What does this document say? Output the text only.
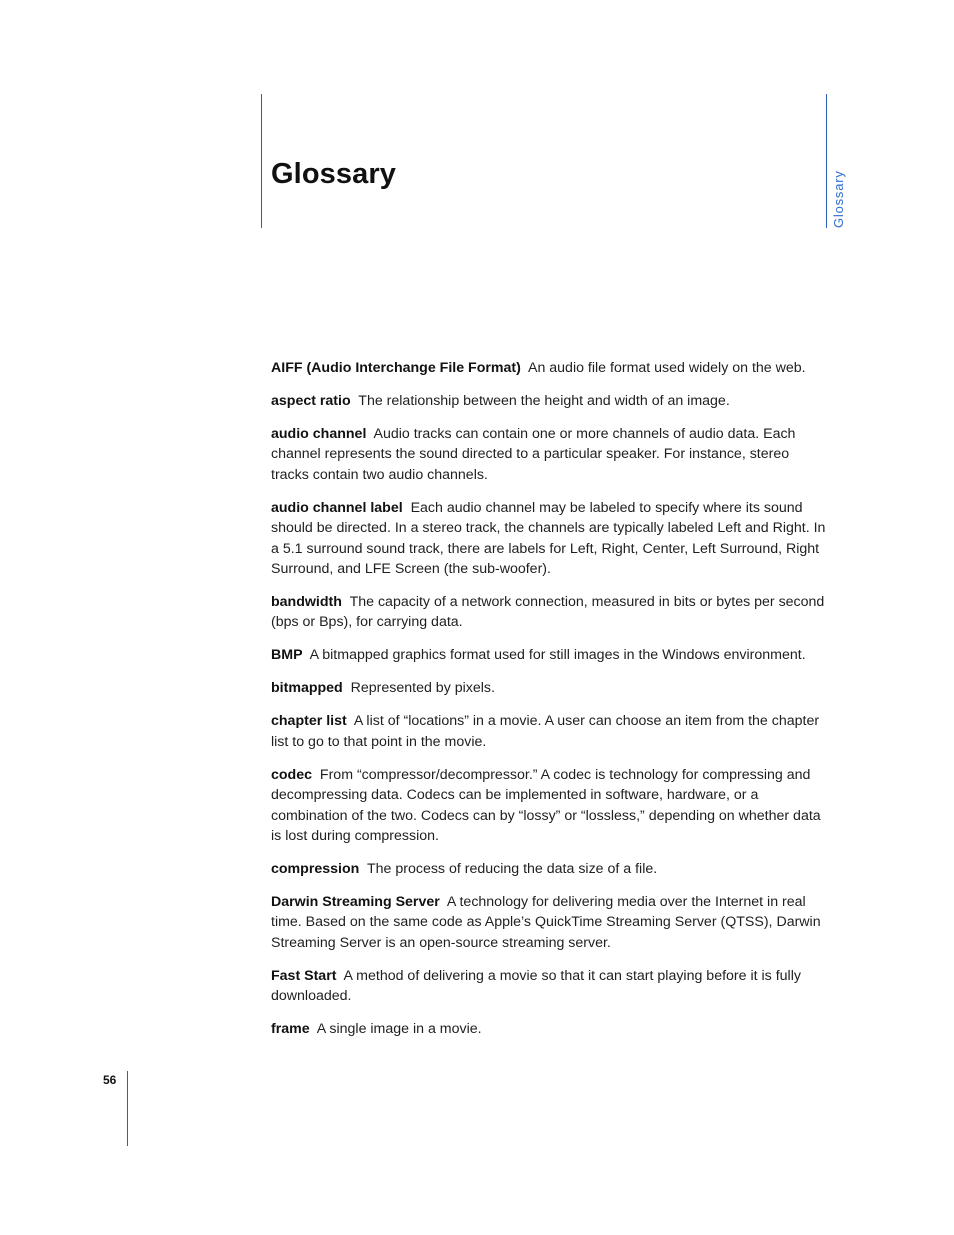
Glossary	Glossary

AIFF (Audio Interchange File Format) An audio file format used widely on the web.

aspect ratio The relationship between the height and width of an image.

audio channel Audio tracks can contain one or more channels of audio data. Each channel represents the sound directed to a particular speaker. For instance, stereo tracks contain two audio channels.

audio channel label Each audio channel may be labeled to specify where its sound should be directed. In a stereo track, the channels are typically labeled Left and Right. In a 5.1 surround sound track, there are labels for Left, Right, Center, Left Surround, Right Surround, and LFE Screen (the sub-woofer).

bandwidth The capacity of a network connection, measured in bits or bytes per second (bps or Bps), for carrying data.

BMP A bitmapped graphics format used for still images in the Windows environment.

bitmapped Represented by pixels.

chapter list A list of “locations” in a movie. A user can choose an item from the chapter list to go to that point in the movie.

codec From “compressor/decompressor.” A codec is technology for compressing and decompressing data. Codecs can be implemented in software, hardware, or a combination of the two. Codecs can by “lossy” or “lossless,” depending on whether data is lost during compression.

compression The process of reducing the data size of a file.

Darwin Streaming Server A technology for delivering media over the Internet in real time. Based on the same code as Apple’s QuickTime Streaming Server (QTSS), Darwin Streaming Server is an open-source streaming server.

Fast Start A method of delivering a movie so that it can start playing before it is fully downloaded.

frame A single image in a movie.

56
